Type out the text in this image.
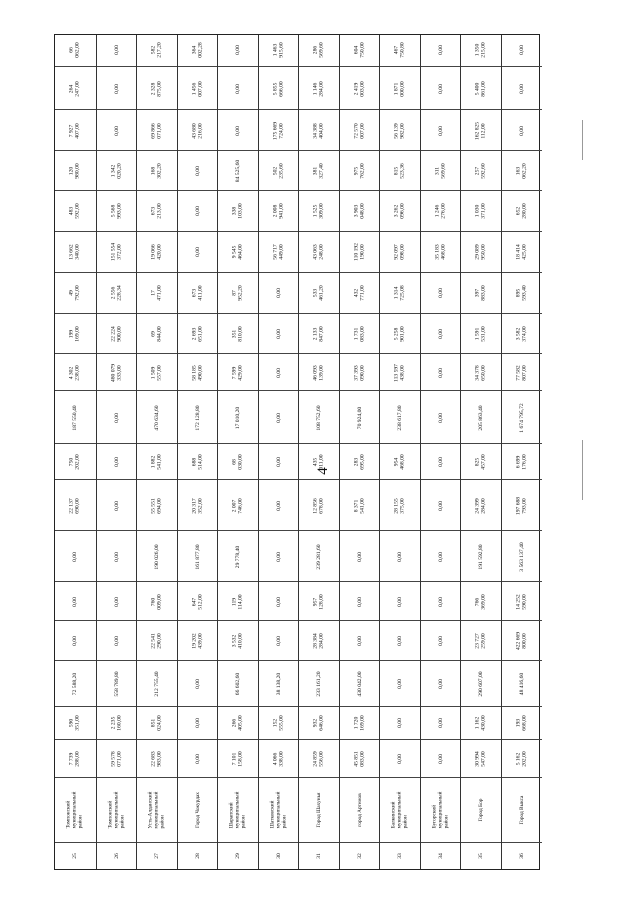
4
25
Томпонский
муниципальный
район
7 739
288,00
590
351,00
72 588,20
0,00
0,00
0,00
22 137
690,00
750
202,00
187 550,40
4 302
238,00
199
169,00
49
792,00
13 662
340,00
483
592,00
120
980,00
7 927
407,00
264
247,00
66
062,00
26
Томпонский
муниципальный
район
59 578
071,00
2 235
160,00
558 789,80
0,00
0,00
0,00
0,00
0,00
0,00
480 079
333,00
22 224
900,00
2 556
228,34
151 554
372,00
5 568
993,00
1 342
020,20
0,00
0,00
0,00
27
Усть-Алданский
муниципальный
район
22 683
983,00
851
024,00
212 755,40
22 541
290,00
760
009,00
190 026,00
55 551
694,00
1 882
541,00
470 634,60
1 509
557,00
69
844,00
17
471,00
19 066
420,00
673
213,00
168
302,20
69 866
071,00
2 328
875,00
582
217,20
28
Город Чокурдах
0,00
0,00
0,00
19 202
439,00
647
512,00
161 877,80
20 317
352,00
688
514,00
172 128,80
58 185
490,00
2 693
651,00
673
411,00
0,00
0,00
0,00
43 680
216,00
1 456
007,00
364
002,28
29
Шарапский
муниципальный
район
7 101
158,00
266
405,00
66 602,60
3 532
410,00
119
114,00
29 778,40
2 007
746,00
68
030,00
17 010,20
7 599
429,00
351
810,00
87
952,20
9 545
464,00
338
103,00
84 525,60
0,00
0,00
0,00
30
Шатковский
муниципальный
район
4 066
338,00
152
555,00
38 138,20
0,00
0,00
0,00
0,00
0,00
0,00
0,00
0,00
0,00
56 717
449,00
2 008
941,00
502
235,60
175 669
724,00
5 855
666,00
1 463
915,60
31
Город Шахунья
24 859
556,00
932
646,00
233 161,20
28 384
284,00
957
128,00
239 281,60
12 856
678,00
435
011,00
108 752,60
46 093
139,00
2 133
847,00
533
461,20
43 063
248,00
1 525
309,00
381
327,40
34 388
404,00
1 146
284,00
286
569,60
32
город Артемов
45 851
083,00
1 720
169,00
430 042,00
0,00
0,00
0,00
8 371
541,00
283
695,00
70 924,00
37 393
090,00
1 731
083,00
432
771,00
110 192
190,00
3 903
048,00
975
762,00
72 570
007,00
2 419
003,00
604
750,00
33
Балкинский
муниципальный
район
0,00
0,00
0,00
0,00
0,00
0,00
28 155
375,00
954
468,00
238 617,80
113 597
438,00
5 258
901,00
1 314
725,08
92 097
098,00
3 262
096,00
815
523,36
56 139
982,00
1 871
000,00
467
750,80
34
Бугорский
муниципальный
район
0,00
0,00
0,00
0,00
0,00
0,00
0,00
0,00
0,00
0,00
0,00
0,00
35 183
468,00
1 246
276,00
311
569,60
0,00
0,00
0,00
35
Город Бор
30 994
547,00
1 162
430,00
290 607,00
23 727
259,00
766
369,00
191 592,80
24 399
284,00
825
457,00
205 863,40
34 378
650,00
1 591
531,00
397
883,00
29 089
950,00
1 030
371,00
257
592,60
162 825
112,00
5 400
861,00
1 350
215,00
36
Город Выкса
5 162
202,00
193
668,00
48 416,60
422 669
800,00
14 252
590,00
3 563 137,40
197 688
793,00
6 699
176,00
1 674 795,72
77 582
807,00
3 582
374,00
895
593,40
18 414
425,00
652
280,00
163
062,20
0,00
0,00
0,00
